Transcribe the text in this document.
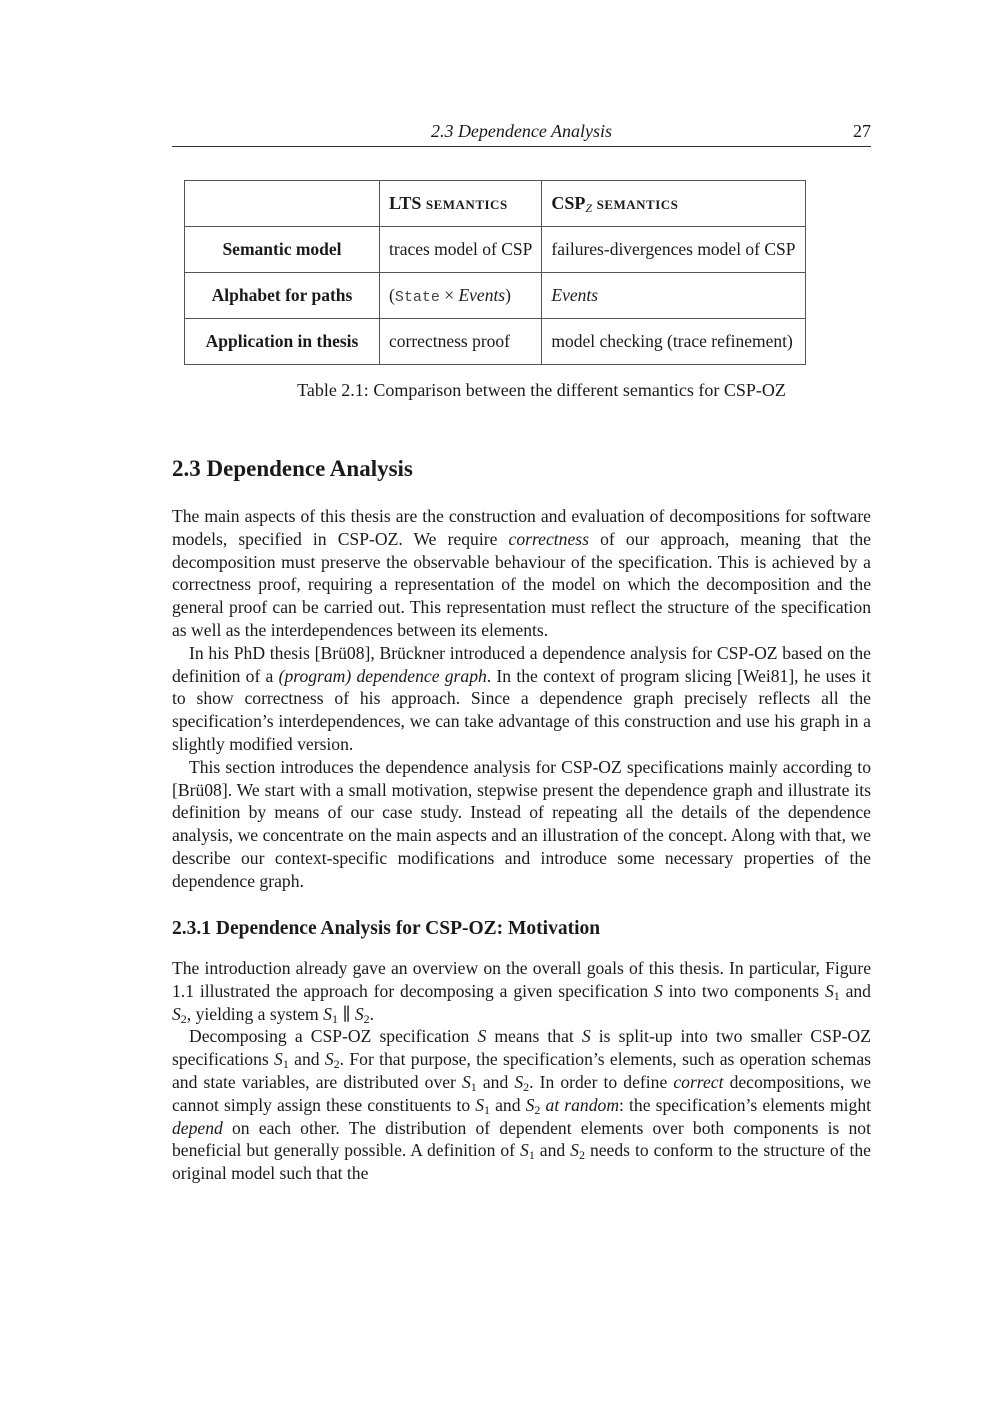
2.3 Dependence Analysis	27
	LTS semantics	$CSP_Z$ semantics
Semantic model	traces model of CSP	failures-divergences model of CSP
Alphabet for paths	(State × Events)	Events
Application in thesis	correctness proof	model checking (trace refinement)
Table 2.1: Comparison between the different semantics for CSP-OZ
2.3 Dependence Analysis

The main aspects of this thesis are the construction and evaluation of decompositions for software models, specified in CSP-OZ. We require correctness of our approach, meaning that the decomposition must preserve the observable behaviour of the specification. This is achieved by a correctness proof, requiring a representation of the model on which the decomposition and the general proof can be carried out. This representation must reflect the structure of the specification as well as the interdependences between its elements.

In his PhD thesis [Brü08], Brückner introduced a dependence analysis for CSP-OZ based on the definition of a (program) dependence graph. In the context of program slicing [Wei81], he uses it to show correctness of his approach. Since a dependence graph precisely reflects all the specification’s interdependences, we can take advantage of this construction and use his graph in a slightly modified version.

This section introduces the dependence analysis for CSP-OZ specifications mainly according to [Brü08]. We start with a small motivation, stepwise present the dependence graph and illustrate its definition by means of our case study. Instead of repeating all the details of the dependence analysis, we concentrate on the main aspects and an illustration of the concept. Along with that, we describe our context-specific modifications and introduce some necessary properties of the dependence graph.

2.3.1 Dependence Analysis for CSP-OZ: Motivation

The introduction already gave an overview on the overall goals of this thesis. In particular, Figure 1.1 illustrated the approach for decomposing a given specification S into two components $S_1$ and $S_2$, yielding a system $S_1$ ∥ $S_2$.

Decomposing a CSP-OZ specification S means that S is split-up into two smaller CSP-OZ specifications $S_1$ and $S_2$. For that purpose, the specification’s elements, such as operation schemas and state variables, are distributed over $S_1$ and $S_2$. In order to define correct decompositions, we cannot simply assign these constituents to $S_1$ and $S_2$ at random: the specification’s elements might depend on each other. The distribution of dependent elements over both components is not beneficial but generally possible. A definition of $S_1$ and $S_2$ needs to conform to the structure of the original model such that the
